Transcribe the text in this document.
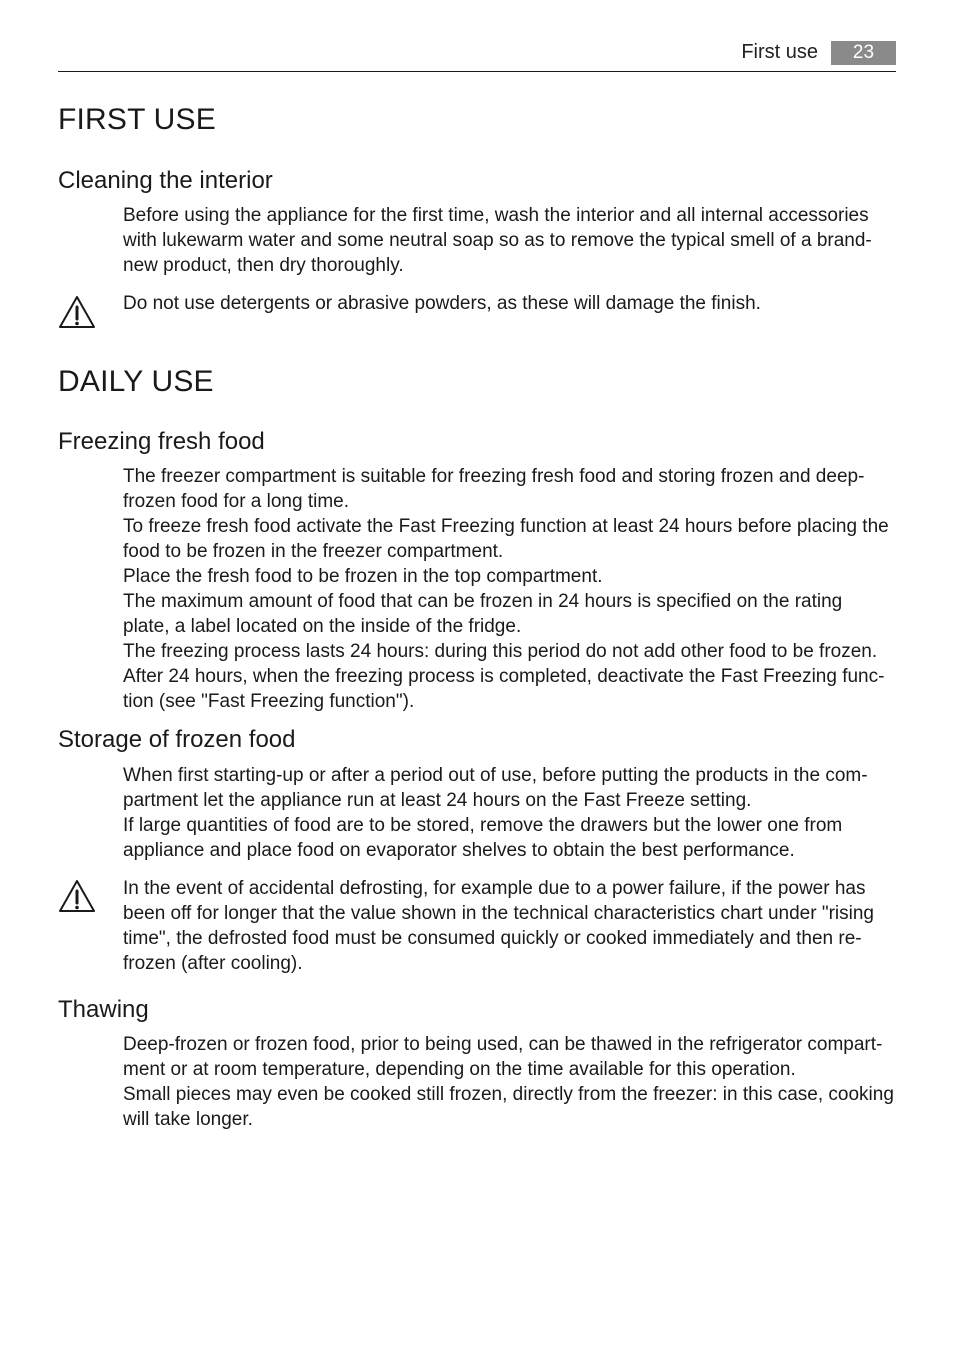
First use	23
FIRST USE
Cleaning the interior
Before using the appliance for the first time, wash the interior and all internal accessories
with lukewarm water and some neutral soap so as to remove the typical smell of a brand-
new product, then dry thoroughly.
Do not use detergents or abrasive powders, as these will damage the finish.
DAILY USE
Freezing fresh food
The freezer compartment is suitable for freezing fresh food and storing frozen and deep-
frozen food for a long time.
To freeze fresh food activate the Fast Freezing function at least 24 hours before placing the
food to be frozen in the freezer compartment.
Place the fresh food to be frozen in the top compartment.
The maximum amount of food that can be frozen in 24 hours is specified on the rating
plate, a label located on the inside of the fridge.
The freezing process lasts 24 hours: during this period do not add other food to be frozen.
After 24 hours, when the freezing process is completed, deactivate the Fast Freezing func-
tion (see "Fast Freezing function").
Storage of frozen food
When first starting-up or after a period out of use, before putting the products in the com-
partment let the appliance run at least 24 hours on the Fast Freeze setting.
If large quantities of food are to be stored, remove the drawers but the lower one from
appliance and place food on evaporator shelves to obtain the best performance.
In the event of accidental defrosting, for example due to a power failure, if the power has
been off for longer that the value shown in the technical characteristics chart under "rising
time", the defrosted food must be consumed quickly or cooked immediately and then re-
frozen (after cooling).
Thawing
Deep-frozen or frozen food, prior to being used, can be thawed in the refrigerator compart-
ment or at room temperature, depending on the time available for this operation.
Small pieces may even be cooked still frozen, directly from the freezer: in this case, cooking
will take longer.
